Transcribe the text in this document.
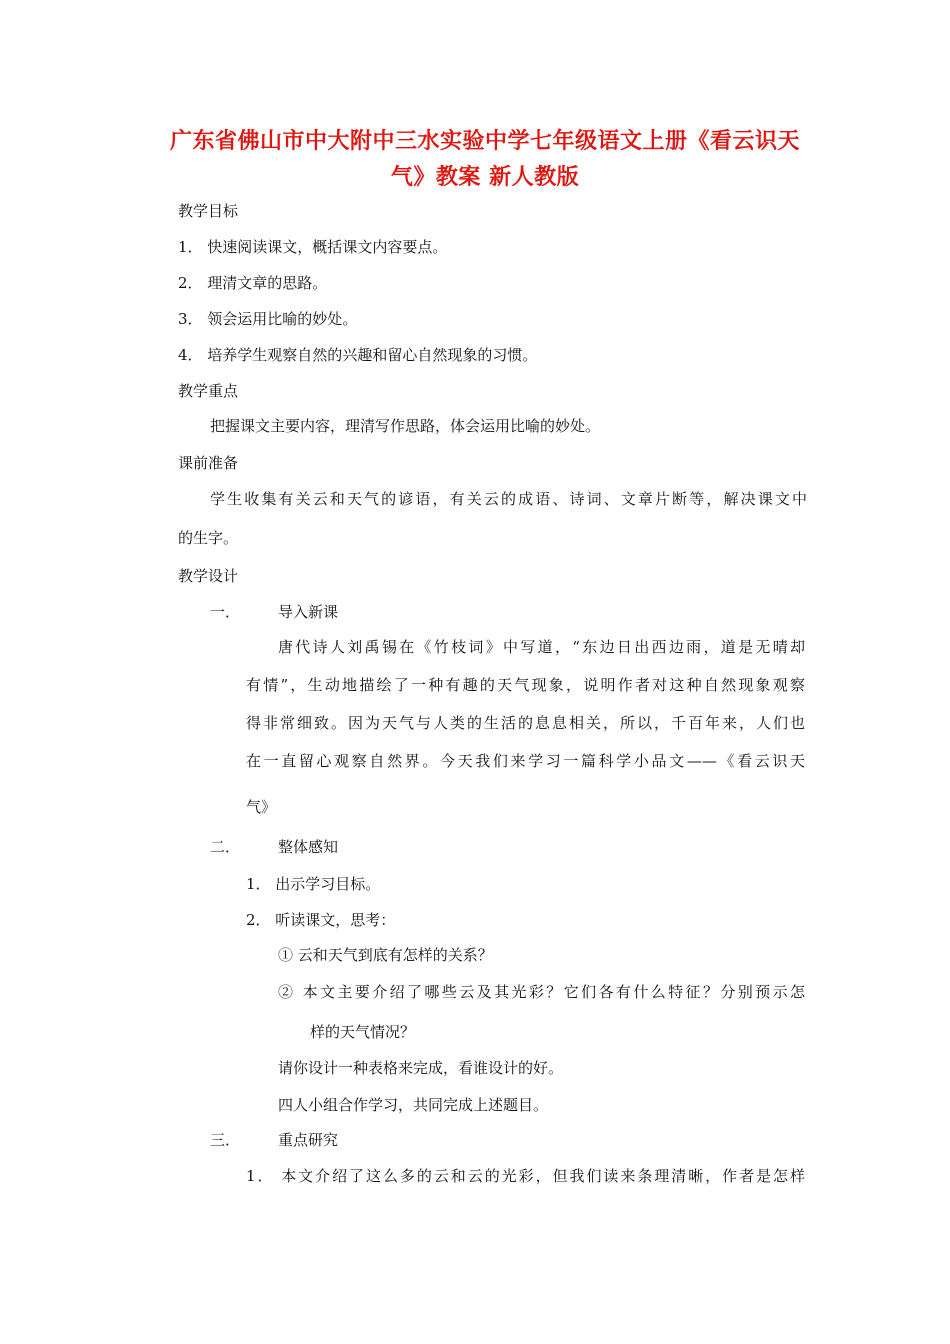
广东省佛山市中大附中三水实验中学七年级语文上册《看云识天
气》教案 新人教版
教学目标
1． 快速阅读课文，概括课文内容要点。
2． 理清文章的思路。
3． 领会运用比喻的妙处。
4． 培养学生观察自然的兴趣和留心自然现象的习惯。
教学重点
把握课文主要内容，理清写作思路，体会运用比喻的妙处。
课前准备
学生收集有关云和天气的谚语，有关云的成语、诗词、文章片断等，解决课文中
的生字。
教学设计
一．	导入新课
唐代诗人刘禹锡在《竹枝词》中写道，“东边日出西边雨，道是无晴却
有情”，生动地描绘了一种有趣的天气现象，说明作者对这种自然现象观察
得非常细致。因为天气与人类的生活的息息相关，所以，千百年来，人们也
在一直留心观察自然界。今天我们来学习一篇科学小品文——《看云识天
气》
二．	整体感知
1． 出示学习目标。
2． 听读课文，思考：
① 云和天气到底有怎样的关系？
② 本文主要介绍了哪些云及其光彩？它们各有什么特征？分别预示怎
样的天气情况？
请你设计一种表格来完成，看谁设计的好。
四人小组合作学习，共同完成上述题目。
三．	重点研究
1． 本文介绍了这么多的云和云的光彩，但我们读来条理清晰，作者是怎样
